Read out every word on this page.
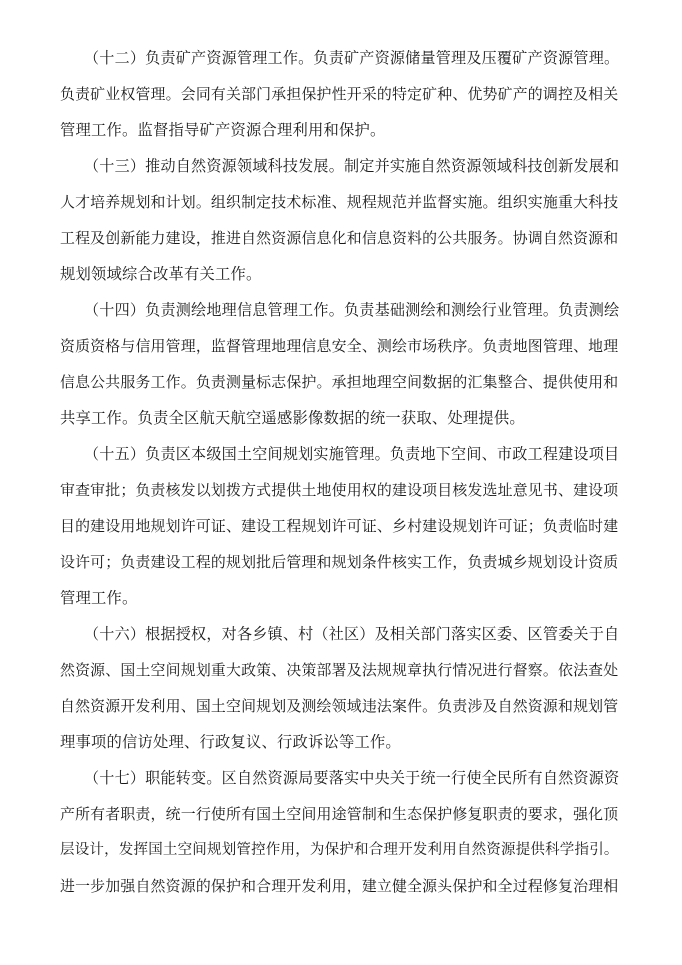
（十二）负责矿产资源管理工作。负责矿产资源储量管理及压覆矿产资源管理。
负责矿业权管理。会同有关部门承担保护性开采的特定矿种、优势矿产的调控及相关
管理工作。监督指导矿产资源合理利用和保护。
（十三）推动自然资源领域科技发展。制定并实施自然资源领域科技创新发展和
人才培养规划和计划。组织制定技术标准、规程规范并监督实施。组织实施重大科技
工程及创新能力建设，推进自然资源信息化和信息资料的公共服务。协调自然资源和
规划领域综合改革有关工作。
（十四）负责测绘地理信息管理工作。负责基础测绘和测绘行业管理。负责测绘
资质资格与信用管理，监督管理地理信息安全、测绘市场秩序。负责地图管理、地理
信息公共服务工作。负责测量标志保护。承担地理空间数据的汇集整合、提供使用和
共享工作。负责全区航天航空遥感影像数据的统一获取、处理提供。
（十五）负责区本级国土空间规划实施管理。负责地下空间、市政工程建设项目
审查审批；负责核发以划拨方式提供土地使用权的建设项目核发选址意见书、建设项
目的建设用地规划许可证、建设工程规划许可证、乡村建设规划许可证；负责临时建
设许可；负责建设工程的规划批后管理和规划条件核实工作，负责城乡规划设计资质
管理工作。
（十六）根据授权，对各乡镇、村（社区）及相关部门落实区委、区管委关于自
然资源、国土空间规划重大政策、决策部署及法规规章执行情况进行督察。依法查处
自然资源开发利用、国土空间规划及测绘领域违法案件。负责涉及自然资源和规划管
理事项的信访处理、行政复议、行政诉讼等工作。
（十七）职能转变。区自然资源局要落实中央关于统一行使全民所有自然资源资
产所有者职责，统一行使所有国土空间用途管制和生态保护修复职责的要求，强化顶
层设计，发挥国土空间规划管控作用，为保护和合理开发利用自然资源提供科学指引。
进一步加强自然资源的保护和合理开发利用，建立健全源头保护和全过程修复治理相
